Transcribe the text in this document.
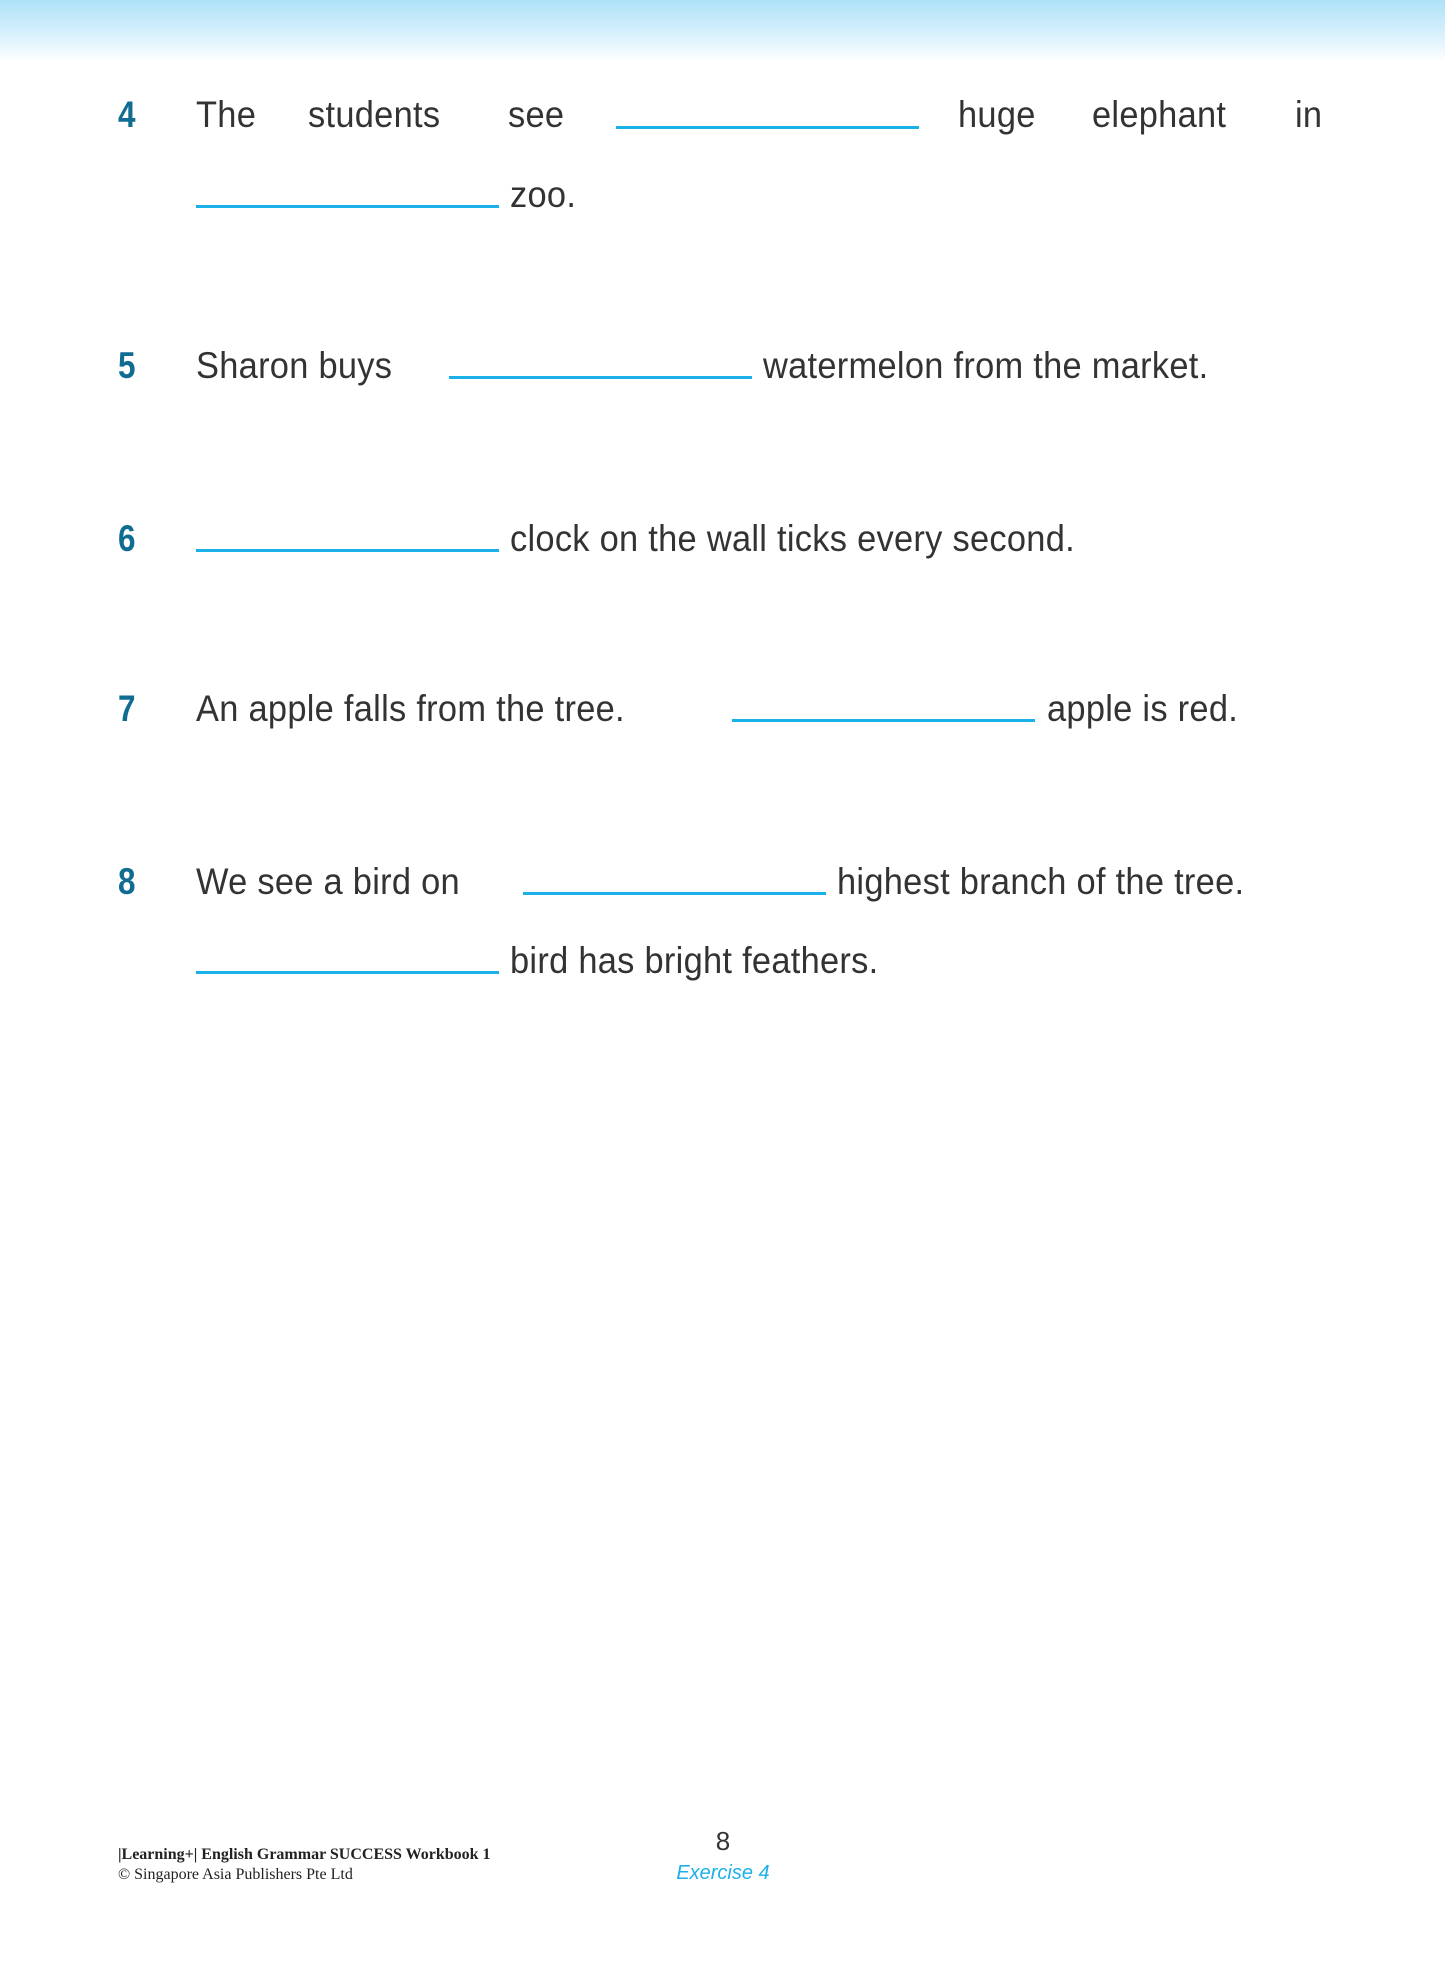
4 The students see	huge elephant in
zoo.
5 Sharon buys	watermelon from the market.
6	clock on the wall ticks every second.
7 An apple falls from the tree.	apple is red.
8 We see a bird on	highest branch of the tree.
bird has bright feathers.
|Learning+| English Grammar SUCCESS Workbook 1
© Singapore Asia Publishers Pte Ltd
8
Exercise 4
